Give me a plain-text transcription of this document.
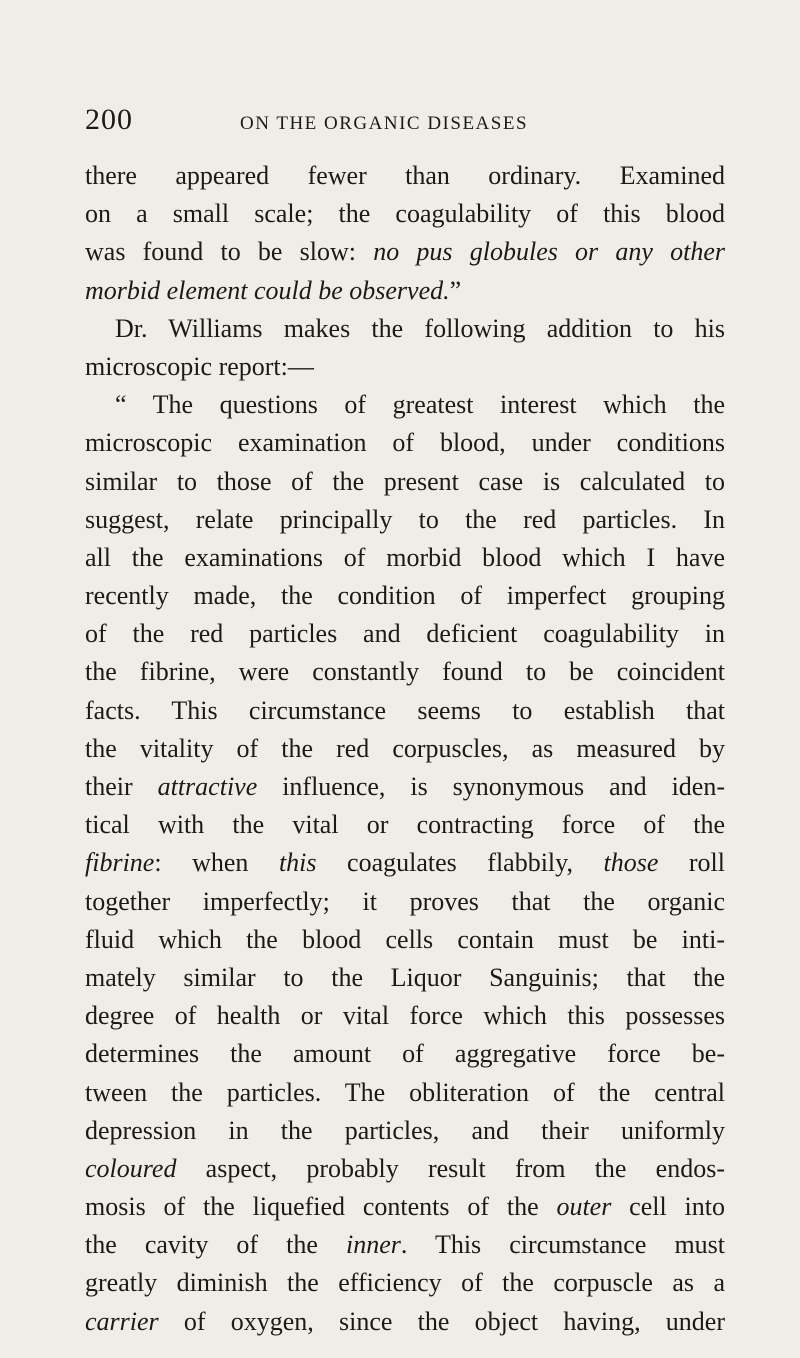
200	ON THE ORGANIC DISEASES
there appeared fewer than ordinary. Examined
on a small scale; the coagulability of this blood
was found to be slow: no pus globules or any other
morbid element could be observed.”
Dr. Williams makes the following addition to his
microscopic report:—
“ The questions of greatest interest which the
microscopic examination of blood, under conditions
similar to those of the present case is calculated to
suggest, relate principally to the red particles. In
all the examinations of morbid blood which I have
recently made, the condition of imperfect grouping
of the red particles and deficient coagulability in
the fibrine, were constantly found to be coincident
facts. This circumstance seems to establish that
the vitality of the red corpuscles, as measured by
their attractive influence, is synonymous and iden-
tical with the vital or contracting force of the
fibrine: when this coagulates flabbily, those roll
together imperfectly; it proves that the organic
fluid which the blood cells contain must be inti-
mately similar to the Liquor Sanguinis; that the
degree of health or vital force which this possesses
determines the amount of aggregative force be-
tween the particles. The obliteration of the central
depression in the particles, and their uniformly
coloured aspect, probably result from the endos-
mosis of the liquefied contents of the outer cell into
the cavity of the inner. This circumstance must
greatly diminish the efficiency of the corpuscle as a
carrier of oxygen, since the object having, under
